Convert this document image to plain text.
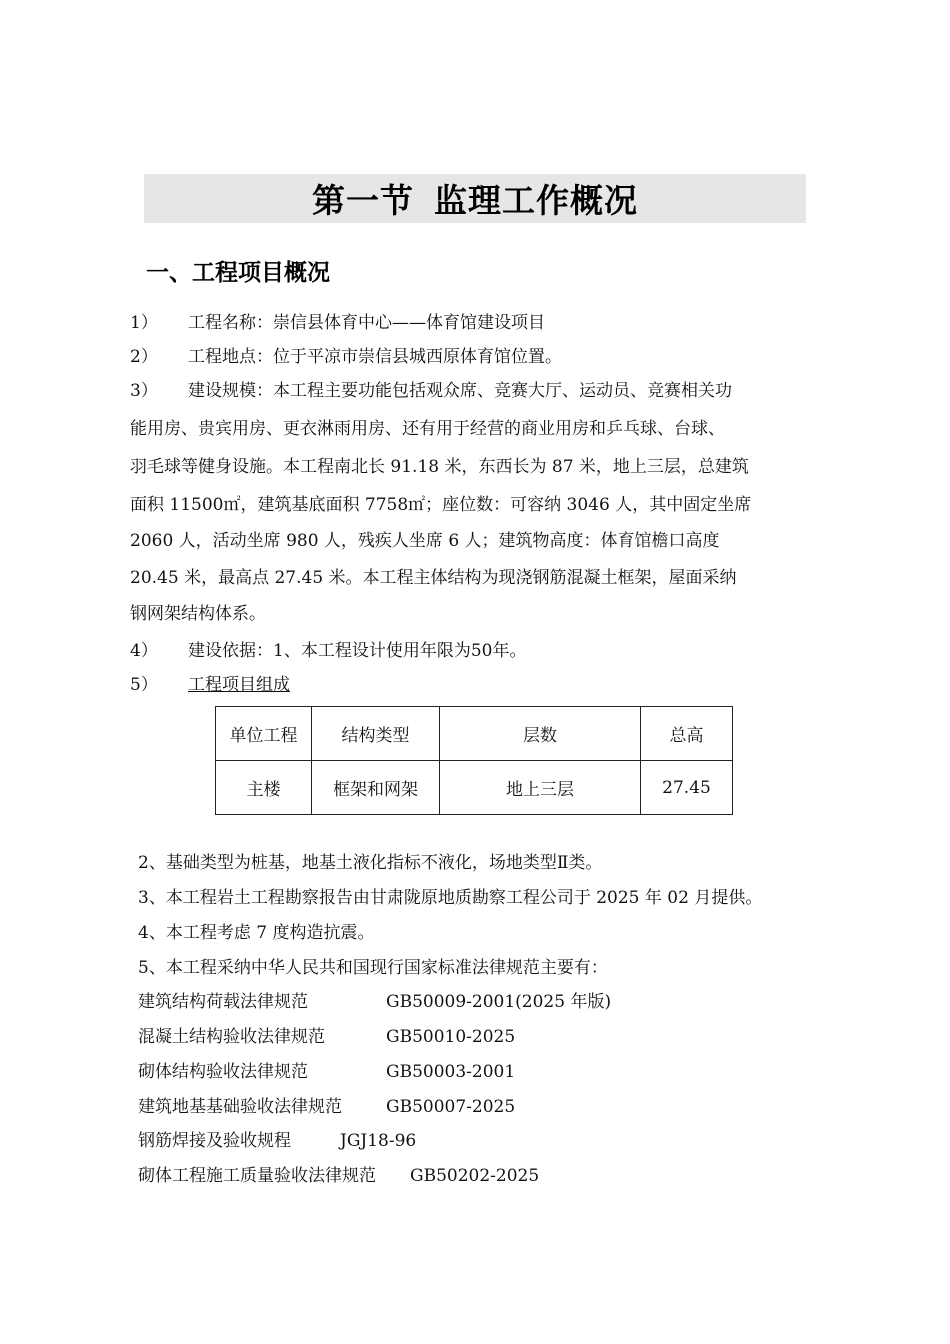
第一节 监理工作概况
一、工程项目概况
1） 工程名称：崇信县体育中心——体育馆建设项目
2） 工程地点：位于平凉市崇信县城西原体育馆位置。
3） 建设规模：本工程主要功能包括观众席、竞赛大厅、运动员、竞赛相关功
能用房、贵宾用房、更衣淋雨用房、还有用于经营的商业用房和乒乓球、台球、
羽毛球等健身设施。本工程南北长 91.18 米，东西长为 87 米，地上三层，总建筑
面积 11500㎡，建筑基底面积 7758㎡；座位数：可容纳 3046 人，其中固定坐席
2060 人，活动坐席 980 人，残疾人坐席 6 人；建筑物高度：体育馆檐口高度
20.45 米，最高点 27.45 米。本工程主体结构为现浇钢筋混凝土框架，屋面采纳
钢网架结构体系。
4） 建设依据：1、本工程设计使用年限为50年。
5） 工程项目组成
单位工程	结构类型	层数	总高
主楼	框架和网架	地上三层	27.45
2、基础类型为桩基，地基土液化指标不液化，场地类型Ⅱ类。
3、本工程岩土工程勘察报告由甘肃陇原地质勘察工程公司于 2025 年 02 月提供。
4、本工程考虑 7 度构造抗震。
5、本工程采纳中华人民共和国现行国家标准法律规范主要有：
建筑结构荷载法律规范	GB50009-2001(2025 年版)
混凝土结构验收法律规范	GB50010-2025
砌体结构验收法律规范	GB50003-2001
建筑地基基础验收法律规范	GB50007-2025
钢筋焊接及验收规程	JGJ18-96
砌体工程施工质量验收法律规范 GB50202-2025
